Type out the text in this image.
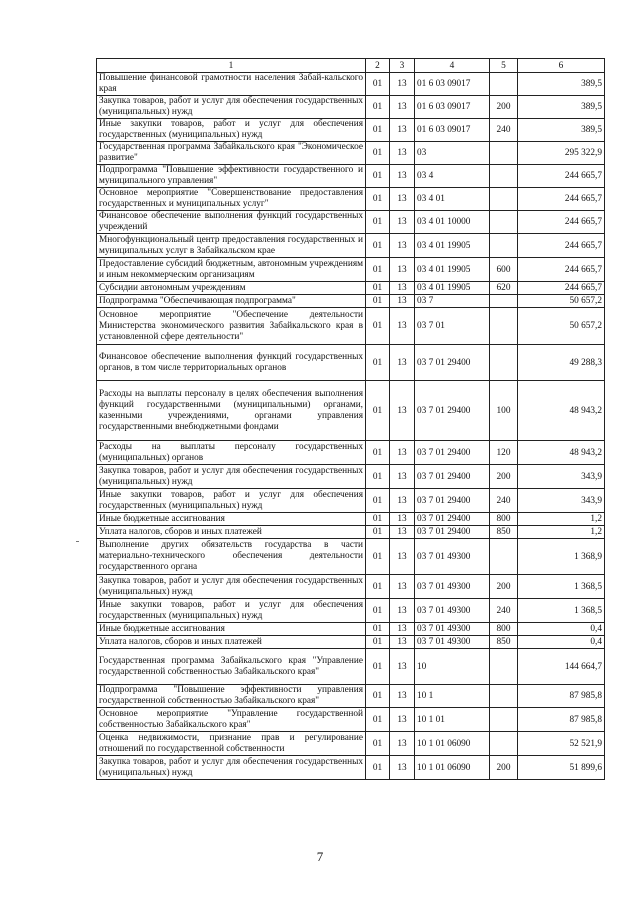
1	2	3	4	5	6
Повышение финансовой грамотности населения Забай-кальского края	01	13	01 6 03 09017		389,5
Закупка товаров, работ и услуг для обеспечения государственных (муниципальных) нужд	01	13	01 6 03 09017	200	389,5
Иные закупки товаров, работ и услуг для обеспечения государственных (муниципальных) нужд	01	13	01 6 03 09017	240	389,5
Государственная программа Забайкальского края "Экономическое развитие"	01	13	03		295 322,9
Подпрограмма "Повышение эффективности государственного и муниципального управления"	01	13	03 4		244 665,7
Основное мероприятие "Совершенствование предоставления государственных и муниципальных услуг"	01	13	03 4 01		244 665,7
Финансовое обеспечение выполнения функций государственных учреждений	01	13	03 4 01 10000		244 665,7
Многофункциональный центр предоставления государственных и муниципальных услуг в Забайкальском крае	01	13	03 4 01 19905		244 665,7
Предоставление субсидий бюджетным, автономным учреждениям и иным некоммерческим организациям	01	13	03 4 01 19905	600	244 665,7
Субсидии автономным учреждениям	01	13	03 4 01 19905	620	244 665,7
Подпрограмма "Обеспечивающая подпрограмма"	01	13	03 7		50 657,2
Основное мероприятие "Обеспечение деятельности Министерства экономического развития Забайкальского края в установленной сфере деятельности"	01	13	03 7 01		50 657,2
Финансовое обеспечение выполнения функций государственных органов, в том числе территориальных органов	01	13	03 7 01 29400		49 288,3
Расходы на выплаты персоналу в целях обеспечения выполнения функций государственными (муниципальными) органами, казенными учреждениями, органами управления государственными внебюджетными фондами	01	13	03 7 01 29400	100	48 943,2
Расходы на выплаты персоналу государственных (муниципальных) органов	01	13	03 7 01 29400	120	48 943,2
Закупка товаров, работ и услуг для обеспечения государственных (муниципальных) нужд	01	13	03 7 01 29400	200	343,9
Иные закупки товаров, работ и услуг для обеспечения государственных (муниципальных) нужд	01	13	03 7 01 29400	240	343,9
Иные бюджетные ассигнования	01	13	03 7 01 29400	800	1,2
Уплата налогов, сборов и иных платежей	01	13	03 7 01 29400	850	1,2
Выполнение других обязательств государства в части материально-технического обеспечения деятельности государственного органа	01	13	03 7 01 49300		1 368,9
Закупка товаров, работ и услуг для обеспечения государственных (муниципальных) нужд	01	13	03 7 01 49300	200	1 368,5
Иные закупки товаров, работ и услуг для обеспечения государственных (муниципальных) нужд	01	13	03 7 01 49300	240	1 368,5
Иные бюджетные ассигнования	01	13	03 7 01 49300	800	0,4
Уплата налогов, сборов и иных платежей	01	13	03 7 01 49300	850	0,4
Государственная программа Забайкальского края "Управление государственной собственностью Забайкальского края"	01	13	10		144 664,7
Подпрограмма "Повышение эффективности управления государственной собственностью Забайкальского края"	01	13	10 1		87 985,8
Основное мероприятие "Управление государственной собственностью Забайкальского края"	01	13	10 1 01		87 985,8
Оценка недвижимости, признание прав и регулирование отношений по государственной собственности	01	13	10 1 01 06090		52 521,9
Закупка товаров, работ и услуг для обеспечения государственных (муниципальных) нужд	01	13	10 1 01 06090	200	51 899,6
7
